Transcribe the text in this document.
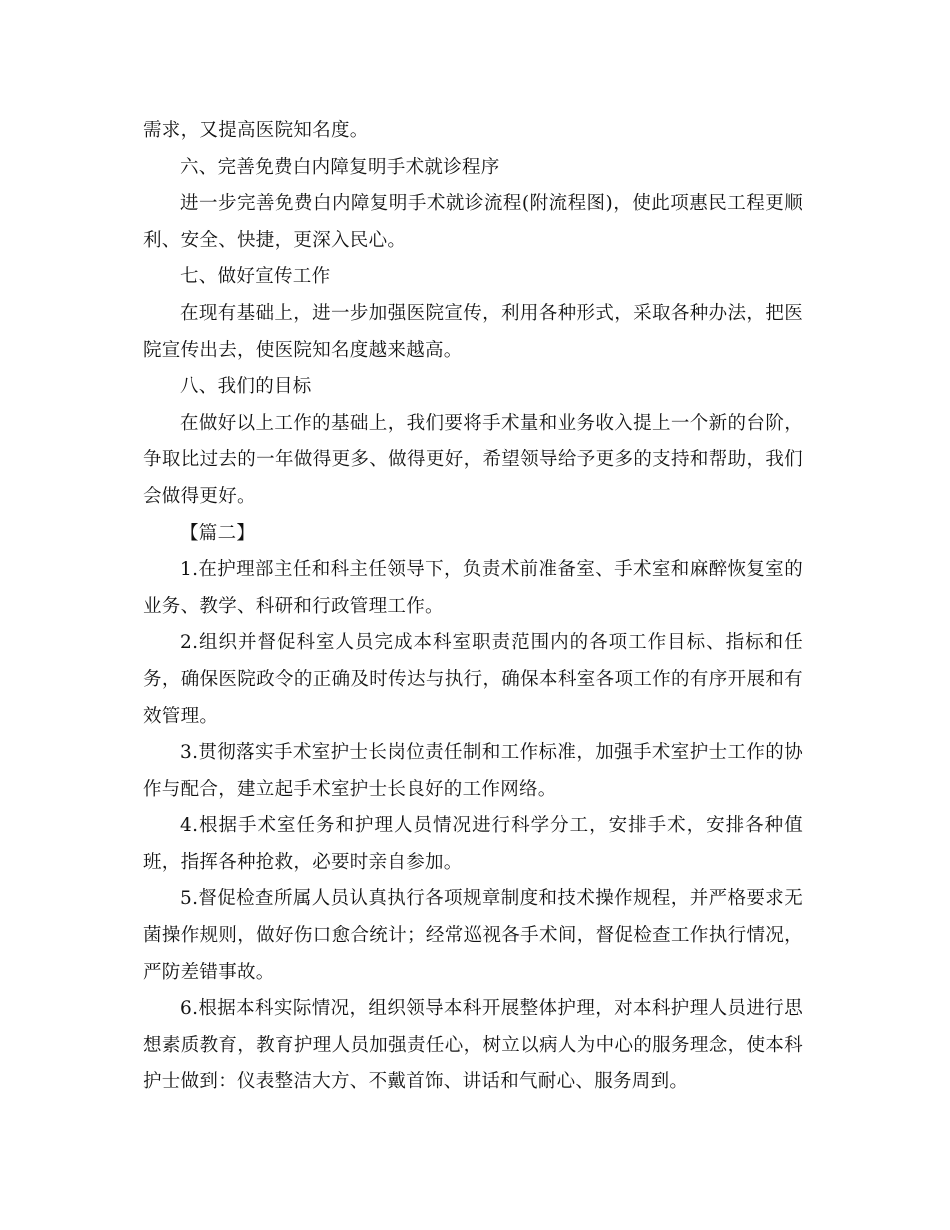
需求，又提高医院知名度。

六、完善免费白内障复明手术就诊程序

进一步完善免费白内障复明手术就诊流程(附流程图)，使此项惠民工程更顺利、安全、快捷，更深入民心。

七、做好宣传工作

在现有基础上，进一步加强医院宣传，利用各种形式，采取各种办法，把医院宣传出去，使医院知名度越来越高。

八、我们的目标

在做好以上工作的基础上，我们要将手术量和业务收入提上一个新的台阶，争取比过去的一年做得更多、做得更好，希望领导给予更多的支持和帮助，我们会做得更好。

【篇二】

1.在护理部主任和科主任领导下，负责术前准备室、手术室和麻醉恢复室的业务、教学、科研和行政管理工作。

2.组织并督促科室人员完成本科室职责范围内的各项工作目标、指标和任务，确保医院政令的正确及时传达与执行，确保本科室各项工作的有序开展和有效管理。

3.贯彻落实手术室护士长岗位责任制和工作标准，加强手术室护士工作的协作与配合，建立起手术室护士长良好的工作网络。

4.根据手术室任务和护理人员情况进行科学分工，安排手术，安排各种值班，指挥各种抢救，必要时亲自参加。

5.督促检查所属人员认真执行各项规章制度和技术操作规程，并严格要求无菌操作规则，做好伤口愈合统计；经常巡视各手术间，督促检查工作执行情况，严防差错事故。

6.根据本科实际情况，组织领导本科开展整体护理，对本科护理人员进行思想素质教育，教育护理人员加强责任心，树立以病人为中心的服务理念，使本科护士做到：仪表整洁大方、不戴首饰、讲话和气耐心、服务周到。
